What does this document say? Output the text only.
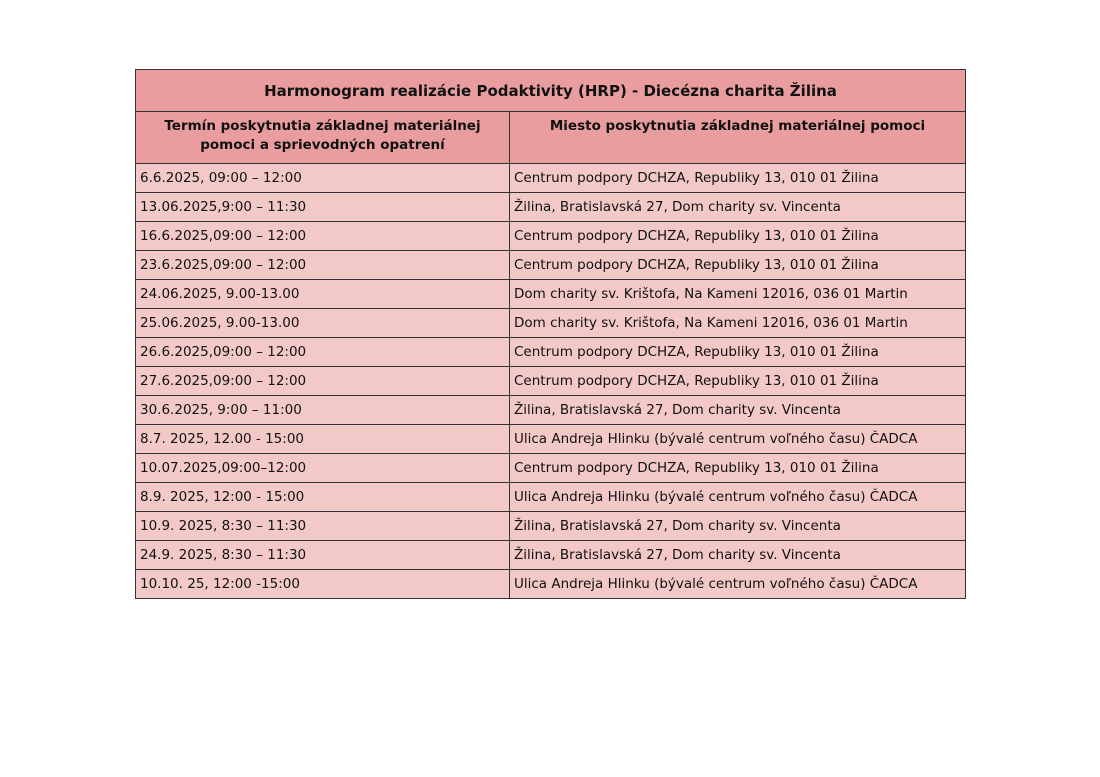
Harmonogram realizácie Podaktivity (HRP) - Diecézna charita Žilina	
Termín poskytnutia základnej materiálnej pomoci a sprievodných opatrení	Miesto poskytnutia základnej materiálnej pomoci
6.6.2025, 09:00 – 12:00	Centrum podpory DCHZA, Republiky 13, 010 01 Žilina
13.06.2025,9:00 – 11:30	Žilina, Bratislavská 27, Dom charity sv. Vincenta
16.6.2025,09:00 – 12:00	Centrum podpory DCHZA, Republiky 13, 010 01 Žilina
23.6.2025,09:00 – 12:00	Centrum podpory DCHZA, Republiky 13, 010 01 Žilina
24.06.2025, 9.00-13.00	Dom charity sv. Krištofa, Na Kameni 12016, 036 01 Martin
25.06.2025, 9.00-13.00	Dom charity sv. Krištofa, Na Kameni 12016, 036 01 Martin
26.6.2025,09:00 – 12:00	Centrum podpory DCHZA, Republiky 13, 010 01 Žilina
27.6.2025,09:00 – 12:00	Centrum podpory DCHZA, Republiky 13, 010 01 Žilina
30.6.2025, 9:00 – 11:00	Žilina, Bratislavská 27, Dom charity sv. Vincenta
8.7. 2025, 12.00 - 15:00	Ulica Andreja Hlinku (bývalé centrum voľného času) ČADCA
10.07.2025,09:00–12:00	Centrum podpory DCHZA, Republiky 13, 010 01 Žilina
8.9. 2025, 12:00 - 15:00	Ulica Andreja Hlinku (bývalé centrum voľného času) ČADCA
10.9. 2025, 8:30 – 11:30	Žilina, Bratislavská 27, Dom charity sv. Vincenta
24.9. 2025, 8:30 – 11:30	Žilina, Bratislavská 27, Dom charity sv. Vincenta
10.10. 25, 12:00 -15:00	Ulica Andreja Hlinku (bývalé centrum voľného času) ČADCA
